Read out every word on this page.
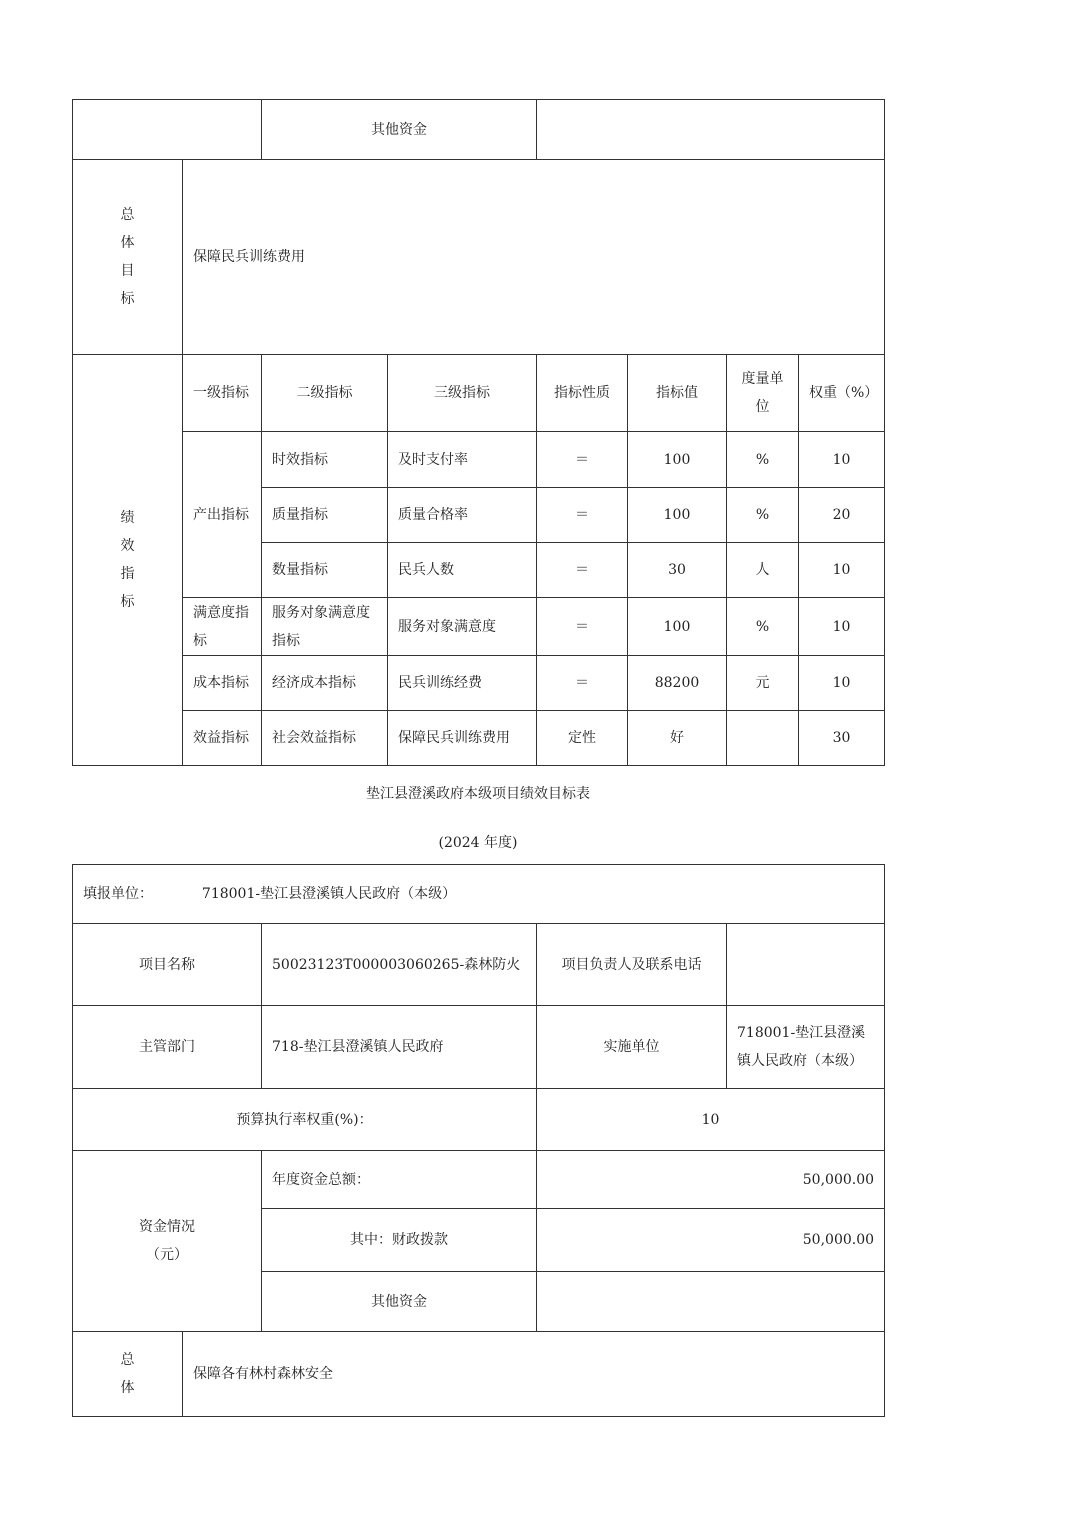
		其他资金					

总
体
目
标	保障民兵训练费用						

绩
效
指
标	一级指标	二级指标	三级指标	指标性质	指标值	度量单位	权重（%）
	产出指标	时效指标	及时支付率	＝	100	%	10
		质量指标	质量合格率	＝	100	%	20
		数量指标	民兵人数	＝	30	人	10
	满意度指标	服务对象满意度指标	服务对象满意度	＝	100	%	10
	成本指标	经济成本指标	民兵训练经费	＝	88200	元	10
	效益指标	社会效益指标	保障民兵训练费用	定性	好		30
垫江县澄溪政府本级项目绩效目标表
(2024 年度)
填报单位： 718001-垫江县澄溪镇人民政府（本级）				
项目名称		50023123T000003060265-森林防火	项目负责人及联系电话	
主管部门		718-垫江县澄溪镇人民政府	实施单位	718001-垫江县澄溪镇人民政府（本级）
预算执行率权重(%)：			10	

资金情况
（元）		年度资金总额：	50,000.00	
		其中：财政拨款	50,000.00	
		其他资金		

总
体	保障各有林村森林安全			
